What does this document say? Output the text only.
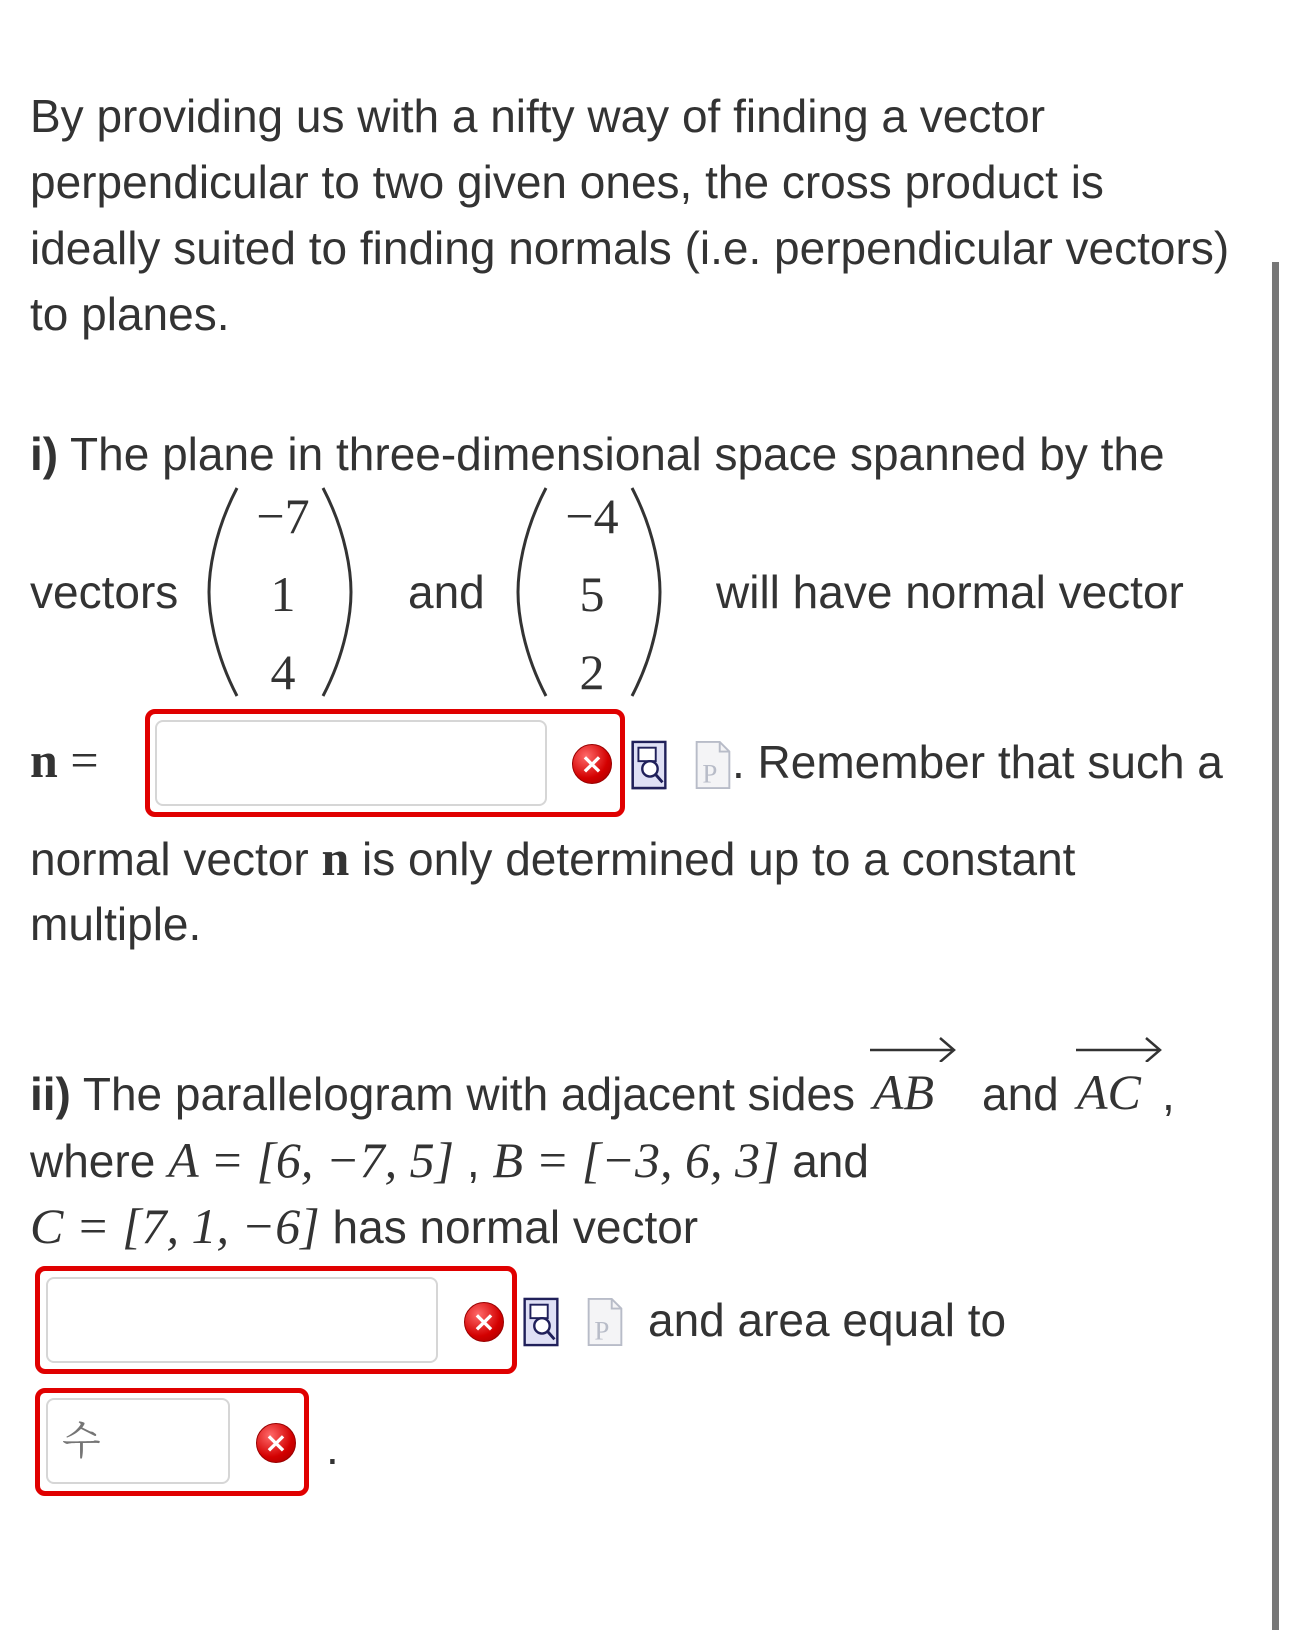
By providing us with a nifty way of finding a vector
perpendicular to two given ones, the cross product is
ideally suited to finding normals (i.e. perpendicular vectors)
to planes.
i) The plane in three-dimensional space spanned by the
vectors
−7
1
4
and
−4
5
2
will have normal vector
n =	×	P . Remember that such a
normal vector n is only determined up to a constant
multiple.
ii) The parallelogram with adjacent sides AB and AC ,
where A = [6, −7, 5] , B = [−3, 6, 3] and
C = [7, 1, −6] has normal vector
×	P and area equal to
수
× .
